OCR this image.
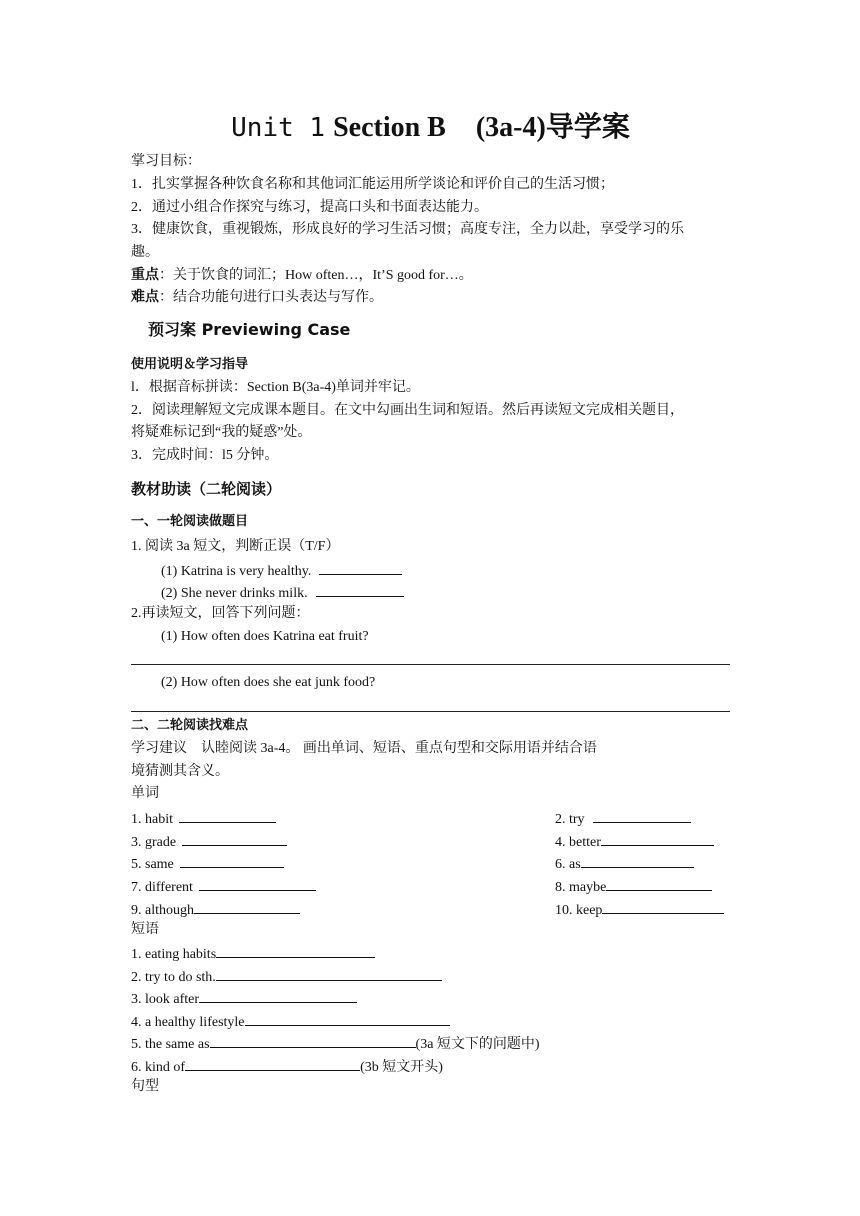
Unit 1 Section B (3a-4)导学案
掌习目标：
1．扎实掌握各种饮食名称和其他词汇能运用所学谈论和评价自己的生活习惯；
2．通过小组合作探究与练习，提高口头和书面表达能力。
3．健康饮食，重视锻炼，形成良好的学习生活习惯；高度专注，全力以赴，享受学习的乐
趣。
重点：关于饮食的词汇；How often…，It’S good for…。
难点：结合功能句进行口头表达与写作。
预习案 Previewing Case
使用说明＆学习指导
l．根据音标拼读：Section B(3a-4)单词并牢记。
2．阅读理解短文完成课本题目。在文中勾画出生词和短语。然后再读短文完成相关题目，
将疑难标记到“我的疑惑”处。
3．完成时间：l5 分钟。
教材助读（二轮阅读）
一、一轮阅读做题目
1. 阅读 3a 短文，判断正误（T/F）
(1) Katrina is very healthy.
(2) She never drinks milk.
2.再读短文，回答下列问题：
(1) How often does Katrina eat fruit?
(2) How often does she eat junk food?
二、二轮阅读找难点
学习建议　认睦阅读 3a-4。 画出单词、短语、重点句型和交际用语并结合语
境猜测其含义。
单词
1. habit
3. grade
5. same
7. different
9. although
2. try
4. better
6. as
8. maybe
10. keep
短语
1. eating habits
2. try to do sth.
3. look after
4. a healthy lifestyle
5. the same as	(3a 短文下的问题中)
6. kind of	(3b 短文开头)
句型
